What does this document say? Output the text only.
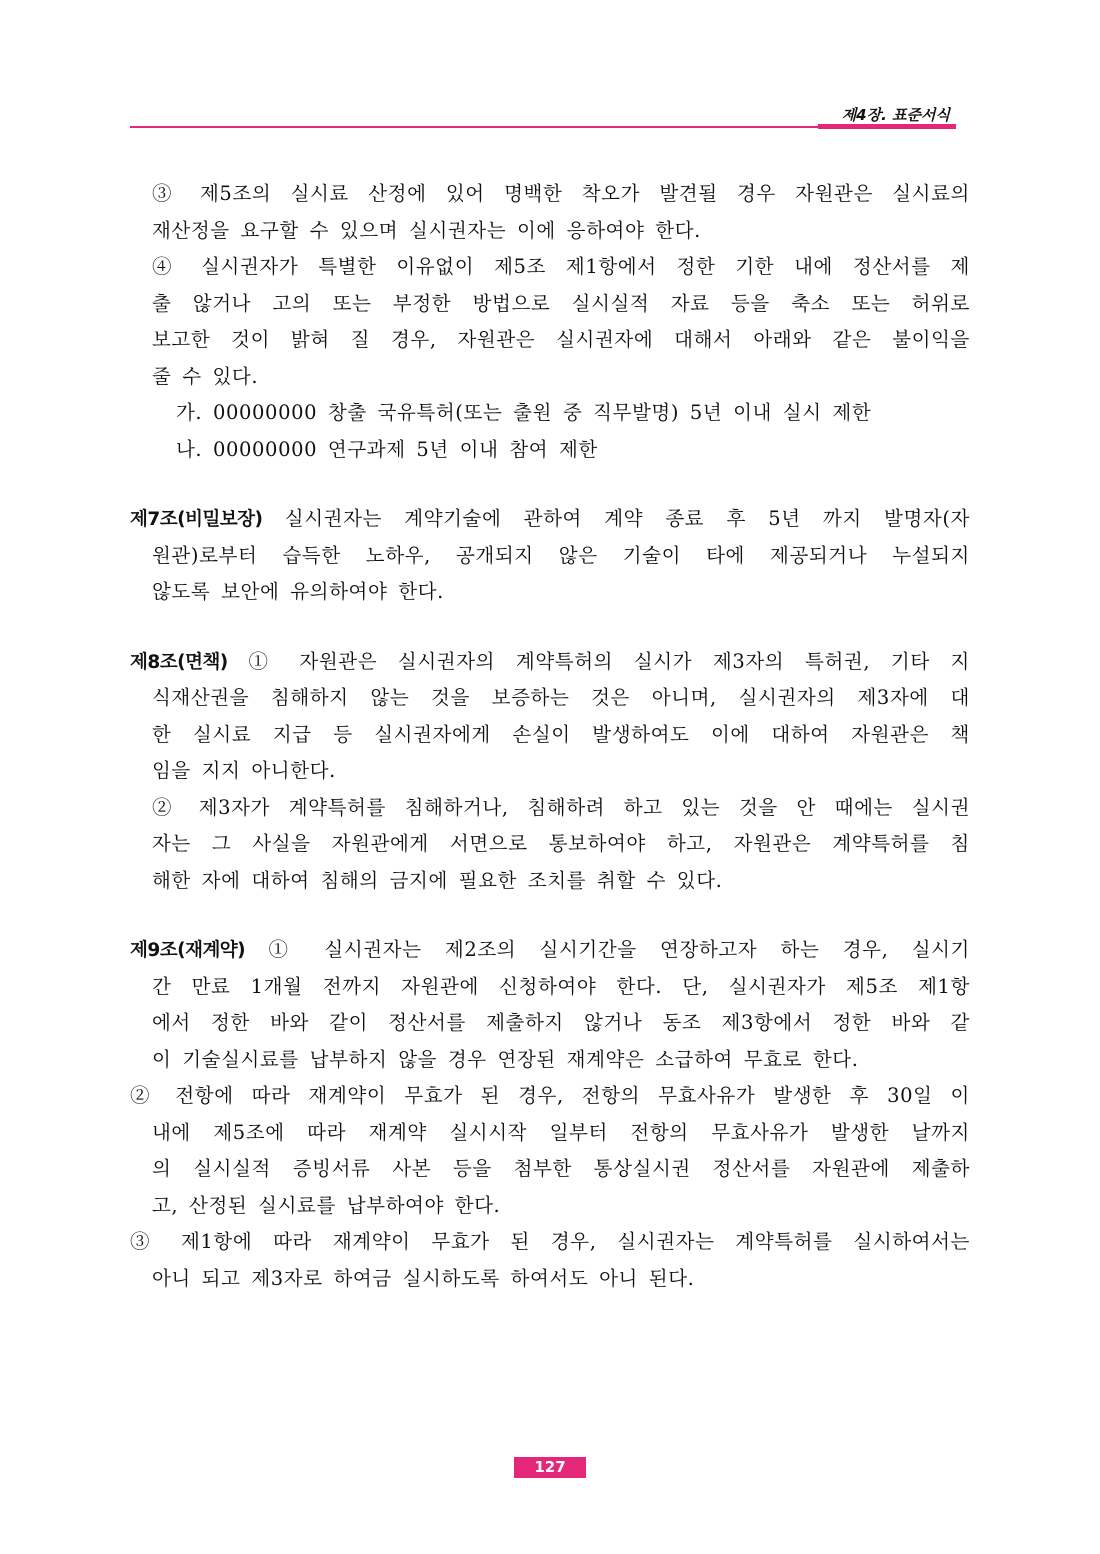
제4장. 표준서식
③ 제5조의 실시료 산정에 있어 명백한 착오가 발견될 경우 자원관은 실시료의
재산정을 요구할 수 있으며 실시권자는 이에 응하여야 한다.
④ 실시권자가 특별한 이유없이 제5조 제1항에서 정한 기한 내에 정산서를 제
출 않거나 고의 또는 부정한 방법으로 실시실적 자료 등을 축소 또는 허위로
보고한 것이 밝혀 질 경우, 자원관은 실시권자에 대해서 아래와 같은 불이익을
줄 수 있다.
가. 00000000 창출 국유특허(또는 출원 중 직무발명) 5년 이내 실시 제한
나. 00000000 연구과제 5년 이내 참여 제한
제7조(비밀보장) 실시권자는 계약기술에 관하여 계약 종료 후 5년 까지 발명자(자
원관)로부터 습득한 노하우, 공개되지 않은 기술이 타에 제공되거나 누설되지
않도록 보안에 유의하여야 한다.
제8조(면책) ① 자원관은 실시권자의 계약특허의 실시가 제3자의 특허권, 기타 지
식재산권을 침해하지 않는 것을 보증하는 것은 아니며, 실시권자의 제3자에 대
한 실시료 지급 등 실시권자에게 손실이 발생하여도 이에 대하여 자원관은 책
임을 지지 아니한다.
② 제3자가 계약특허를 침해하거나, 침해하려 하고 있는 것을 안 때에는 실시권
자는 그 사실을 자원관에게 서면으로 통보하여야 하고, 자원관은 계약특허를 침
해한 자에 대하여 침해의 금지에 필요한 조치를 취할 수 있다.
제9조(재계약) ① 실시권자는 제2조의 실시기간을 연장하고자 하는 경우, 실시기
간 만료 1개월 전까지 자원관에 신청하여야 한다. 단, 실시권자가 제5조 제1항
에서 정한 바와 같이 정산서를 제출하지 않거나 동조 제3항에서 정한 바와 같
이 기술실시료를 납부하지 않을 경우 연장된 재계약은 소급하여 무효로 한다.
② 전항에 따라 재계약이 무효가 된 경우, 전항의 무효사유가 발생한 후 30일 이
내에 제5조에 따라 재계약 실시시작 일부터 전항의 무효사유가 발생한 날까지
의 실시실적 증빙서류 사본 등을 첨부한 통상실시권 정산서를 자원관에 제출하
고, 산정된 실시료를 납부하여야 한다.
③ 제1항에 따라 재계약이 무효가 된 경우, 실시권자는 계약특허를 실시하여서는
아니 되고 제3자로 하여금 실시하도록 하여서도 아니 된다.
127
